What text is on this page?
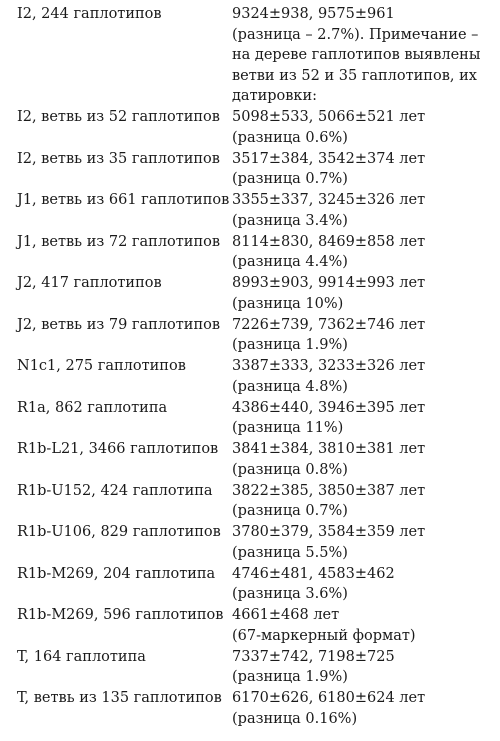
I2, 244 гаплотипов	9324±938, 9575±961
(разница – 2.7%). Примечание –
на дереве гаплотипов выявлены
ветви из 52 и 35 гаплотипов, их
датировки:
I2, ветвь из 52 гаплотипов 5098±533, 5066±521 лет
(разница 0.6%)
I2, ветвь из 35 гаплотипов 3517±384, 3542±374 лет
(разница 0.7%)
J1, ветвь из 661 гаплотипов 3355±337, 3245±326 лет
(разница 3.4%)
J1, ветвь из 72 гаплотипов 8114±830, 8469±858 лет
(разница 4.4%)
J2, 417 гаплотипов	8993±903, 9914±993 лет
(разница 10%)
J2, ветвь из 79 гаплотипов 7226±739, 7362±746 лет
(разница 1.9%)
N1c1, 275 гаплотипов	3387±333, 3233±326 лет
(разница 4.8%)
R1a, 862 гаплотипа	4386±440, 3946±395 лет
(разница 11%)
R1b-L21, 3466 гаплотипов 3841±384, 3810±381 лет
(разница 0.8%)
R1b-U152, 424 гаплотипа	3822±385, 3850±387 лет
(разница 0.7%)
R1b-U106, 829 гаплотипов 3780±379, 3584±359 лет
(разница 5.5%)
R1b-M269, 204 гаплотипа	4746±481, 4583±462
(разница 3.6%)
R1b-M269, 596 гаплотипов 4661±468 лет
(67-маркерный формат)
T, 164 гаплотипа	7337±742, 7198±725
(разница 1.9%)
T, ветвь из 135 гаплотипов 6170±626, 6180±624 лет
(разница 0.16%)
